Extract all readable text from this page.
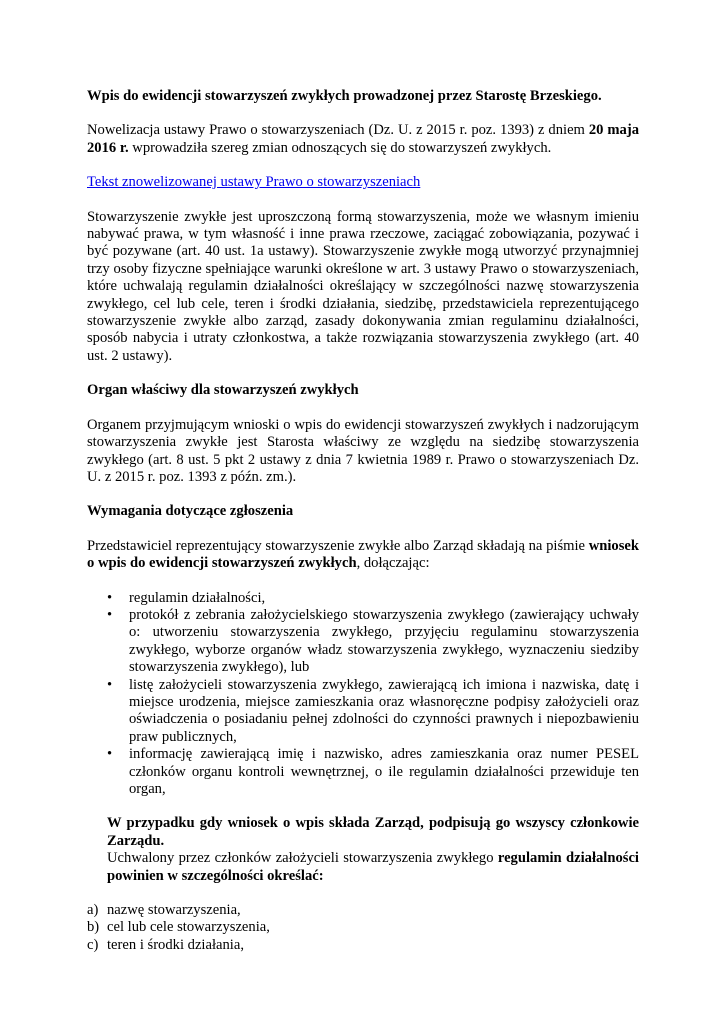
Wpis do ewidencji stowarzyszeń zwykłych prowadzonej przez Starostę Brzeskiego.

Nowelizacja ustawy Prawo o stowarzyszeniach (Dz. U. z 2015 r. poz. 1393) z dniem 20 maja 2016 r. wprowadziła szereg zmian odnoszących się do stowarzyszeń zwykłych.

Tekst znowelizowanej ustawy Prawo o stowarzyszeniach

Stowarzyszenie zwykłe jest uproszczoną formą stowarzyszenia, może we własnym imieniu nabywać prawa, w tym własność i inne prawa rzeczowe, zaciągać zobowiązania, pozywać i być pozywane (art. 40 ust. 1a ustawy). Stowarzyszenie zwykłe mogą utworzyć przynajmniej trzy osoby fizyczne spełniające warunki określone w art. 3 ustawy Prawo o stowarzyszeniach, które uchwalają regulamin działalności określający w szczególności nazwę stowarzyszenia zwykłego, cel lub cele, teren i środki działania, siedzibę, przedstawiciela reprezentującego stowarzyszenie zwykłe albo zarząd, zasady dokonywania zmian regulaminu działalności, sposób nabycia i utraty członkostwa, a także rozwiązania stowarzyszenia zwykłego (art. 40 ust. 2 ustawy).

Organ właściwy dla stowarzyszeń zwykłych

Organem przyjmującym wnioski o wpis do ewidencji stowarzyszeń zwykłych i nadzorującym stowarzyszenia zwykłe jest Starosta właściwy ze względu na siedzibę stowarzyszenia zwykłego (art. 8 ust. 5 pkt 2 ustawy z dnia 7 kwietnia 1989 r. Prawo o stowarzyszeniach Dz. U. z 2015 r. poz. 1393 z późn. zm.).

Wymagania dotyczące zgłoszenia

Przedstawiciel reprezentujący stowarzyszenie zwykłe albo Zarząd składają na piśmie wniosek o wpis do ewidencji stowarzyszeń zwykłych, dołączając:

• regulamin działalności,
• protokół z zebrania założycielskiego stowarzyszenia zwykłego (zawierający uchwały o: utworzeniu stowarzyszenia zwykłego, przyjęciu regulaminu stowarzyszenia zwykłego, wyborze organów władz stowarzyszenia zwykłego, wyznaczeniu siedziby stowarzyszenia zwykłego), lub
• listę założycieli stowarzyszenia zwykłego, zawierającą ich imiona i nazwiska, datę i miejsce urodzenia, miejsce zamieszkania oraz własnoręczne podpisy założycieli oraz oświadczenia o posiadaniu pełnej zdolności do czynności prawnych i niepozbawieniu praw publicznych,
• informację zawierającą imię i nazwisko, adres zamieszkania oraz numer PESEL członków organu kontroli wewnętrznej, o ile regulamin działalności przewiduje ten organ,

W przypadku gdy wniosek o wpis składa Zarząd, podpisują go wszyscy członkowie Zarządu.

Uchwalony przez członków założycieli stowarzyszenia zwykłego regulamin działalności powinien w szczególności określać:

a) nazwę stowarzyszenia,
b) cel lub cele stowarzyszenia,
c) teren i środki działania,
